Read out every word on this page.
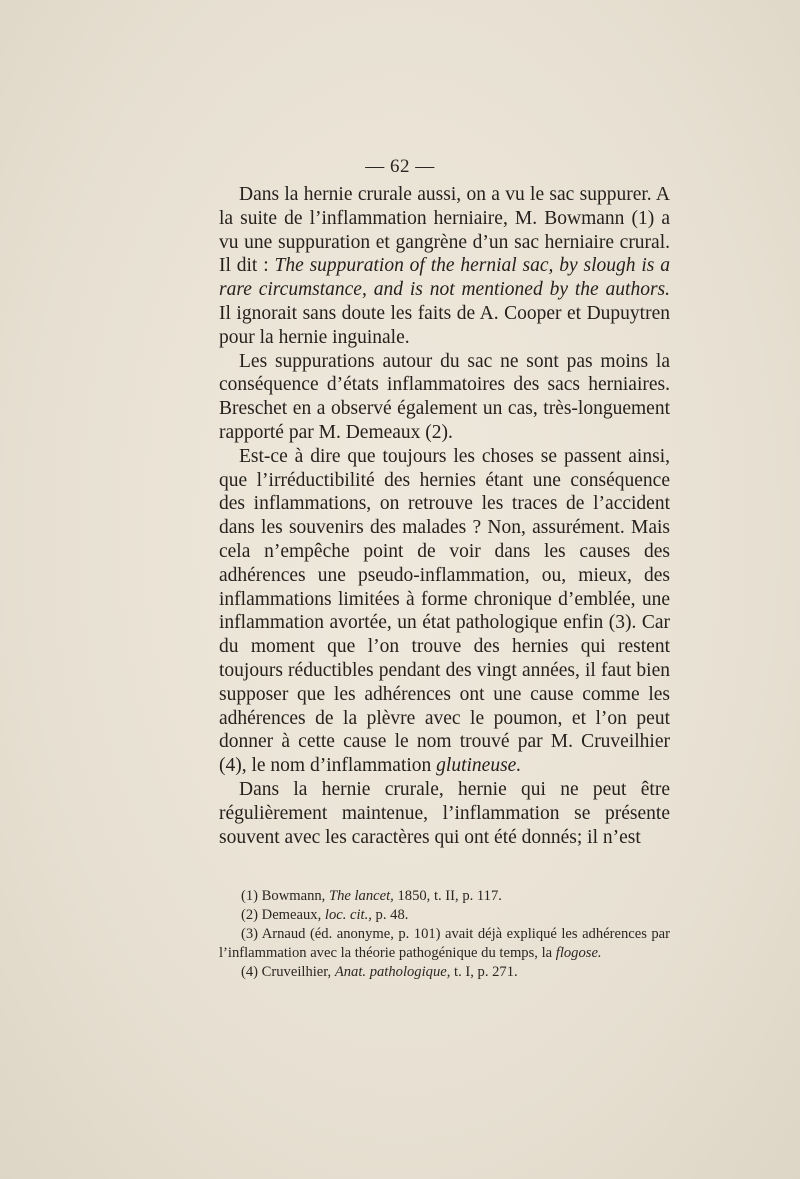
— 62 —

Dans la hernie crurale aussi, on a vu le sac suppurer. A la suite de l’inflammation herniaire, M. Bowmann (1) a vu une suppuration et gangrène d’un sac herniaire crural. Il dit : The suppuration of the hernial sac, by slough is a rare circumstance, and is not mentioned by the authors. Il ignorait sans doute les faits de A. Cooper et Dupuytren pour la hernie inguinale.

Les suppurations autour du sac ne sont pas moins la conséquence d’états inflammatoires des sacs herniaires. Breschet en a observé également un cas, très-longuement rapporté par M. Demeaux (2).

Est-ce à dire que toujours les choses se passent ainsi, que l’irréductibilité des hernies étant une conséquence des inflammations, on retrouve les traces de l’accident dans les souvenirs des malades ? Non, assurément. Mais cela n’empêche point de voir dans les causes des adhérences une pseudo-inflammation, ou, mieux, des inflammations limitées à forme chronique d’emblée, une inflammation avortée, un état pathologique enfin (3). Car du moment que l’on trouve des hernies qui restent toujours réductibles pendant des vingt années, il faut bien supposer que les adhérences ont une cause comme les adhérences de la plèvre avec le poumon, et l’on peut donner à cette cause le nom trouvé par M. Cruveilhier (4), le nom d’inflammation glutineuse.

Dans la hernie crurale, hernie qui ne peut être régulièrement maintenue, l’inflammation se présente souvent avec les caractères qui ont été donnés; il n’est

(1) Bowmann, The lancet, 1850, t. II, p. 117.

(2) Demeaux, loc. cit., p. 48.

(3) Arnaud (éd. anonyme, p. 101) avait déjà expliqué les adhérences par l’inflammation avec la théorie pathogénique du temps, la flogose.

(4) Cruveilhier, Anat. pathologique, t. I, p. 271.
